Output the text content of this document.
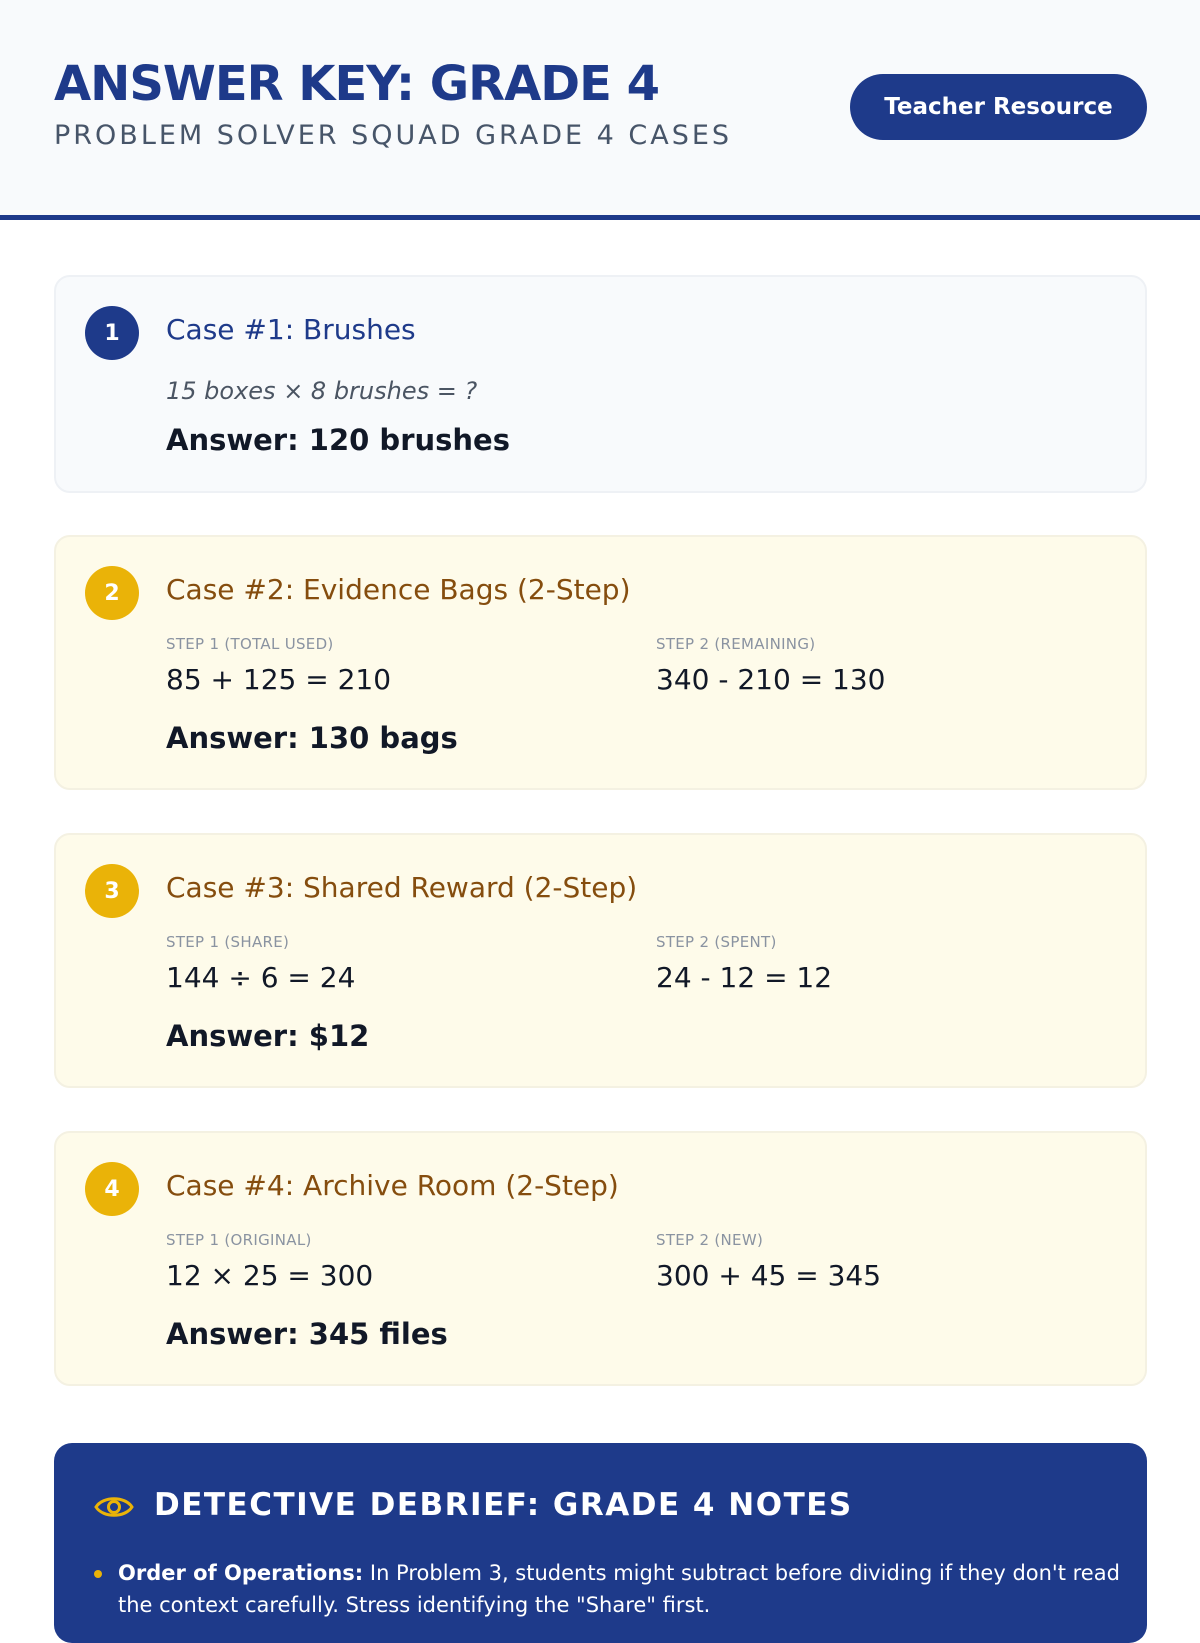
ANSWER KEY: GRADE 4
PROBLEM SOLVER SQUAD GRADE 4 CASES
Teacher Resource
1	Case #1: Brushes
15 boxes × 8 brushes = ?
Answer: 120 brushes
2	Case #2: Evidence Bags (2-Step)
STEP 1 (TOTAL USED)
85 + 125 = 210
STEP 2 (REMAINING)
340 - 210 = 130
Answer: 130 bags
3	Case #3: Shared Reward (2-Step)
STEP 1 (SHARE)
144 ÷ 6 = 24
STEP 2 (SPENT)
24 - 12 = 12
Answer: $12
4	Case #4: Archive Room (2-Step)
STEP 1 (ORIGINAL)
12 × 25 = 300
STEP 2 (NEW)
300 + 45 = 345
Answer: 345 files
DETECTIVE DEBRIEF: GRADE 4 NOTES
Order of Operations: In Problem 3, students might subtract before dividing if they don't read the context carefully. Stress identifying the "Share" first.
